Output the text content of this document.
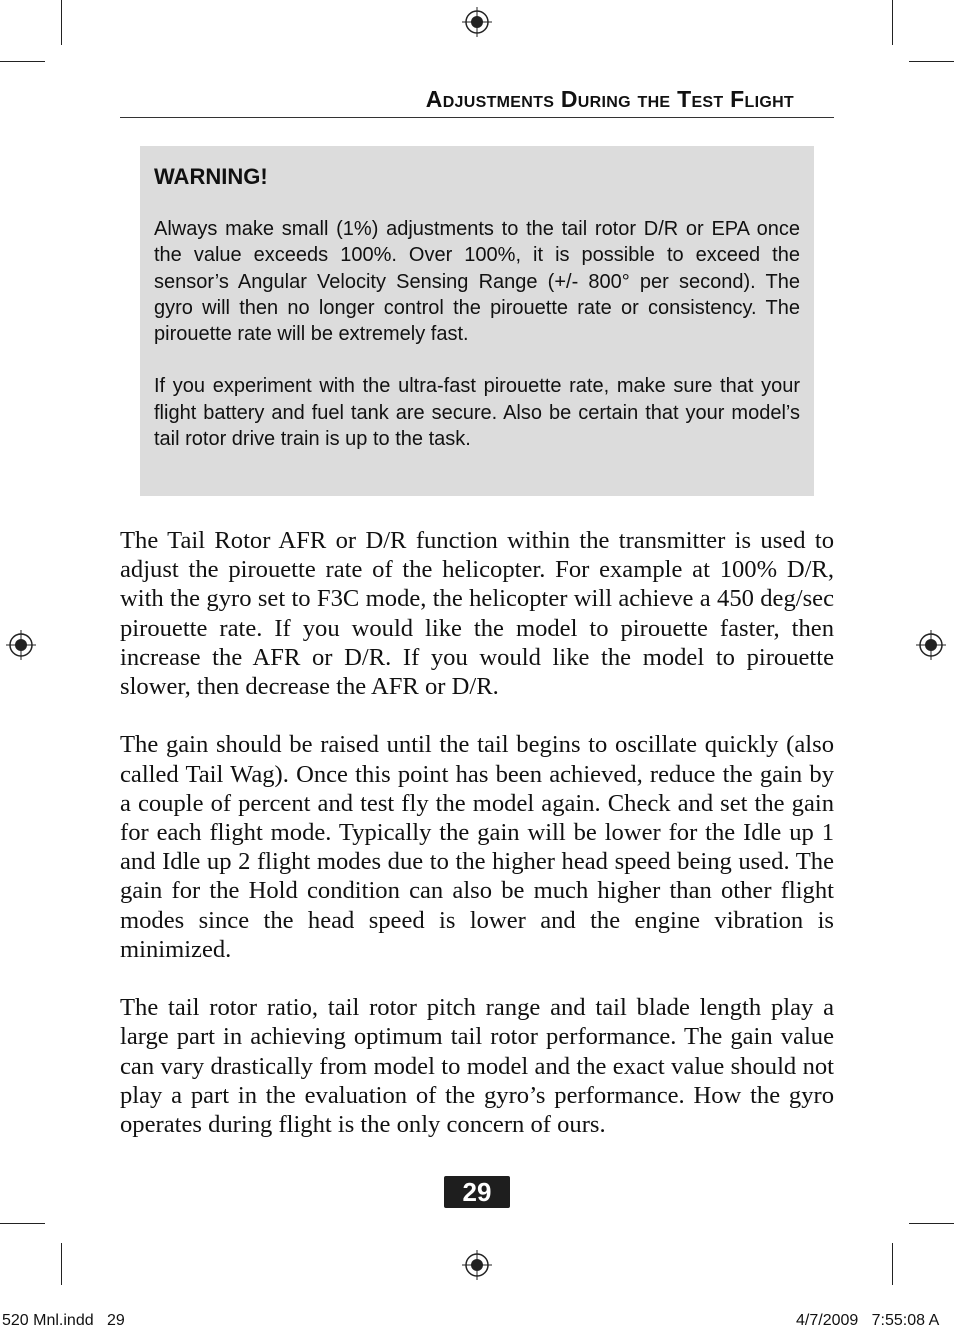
Adjustments During the Test Flight
WARNING!

Always make small (1%) adjustments to the tail rotor D/R or EPA once the value exceeds 100%. Over 100%, it is possible to exceed the sensor’s Angular Velocity Sensing Range (+/- 800° per second). The gyro will then no longer control the pirouette rate or consistency. The pirouette rate will be extremely fast.

If you experiment with the ultra-fast pirouette rate, make sure that your flight battery and fuel tank are secure. Also be certain that your model’s tail rotor drive train is up to the task.

The Tail Rotor AFR or D/R function within the transmitter is used to adjust the pirouette rate of the helicopter. For example at 100% D/R, with the gyro set to F3C mode, the helicopter will achieve a 450 deg/sec pirouette rate. If you would like the model to pirouette faster, then increase the AFR or D/R. If you would like the model to pirouette slower, then decrease the AFR or D/R.

The gain should be raised until the tail begins to oscillate quickly (also called Tail Wag). Once this point has been achieved, reduce the gain by a couple of percent and test fly the model again. Check and set the gain for each flight mode. Typically the gain will be lower for the Idle up 1 and Idle up 2 flight modes due to the higher head speed being used. The gain for the Hold condition can also be much higher than other flight modes since the head speed is lower and the engine vibration is minimized.

The tail rotor ratio, tail rotor pitch range and tail blade length play a large part in achieving optimum tail rotor performance. The gain value can vary drastically from model to model and the exact value should not play a part in the evaluation of the gyro’s performance. How the gyro operates during flight is the only concern of ours.

29
520 Mnl.indd   29	4/7/2009   7:55:08 A
